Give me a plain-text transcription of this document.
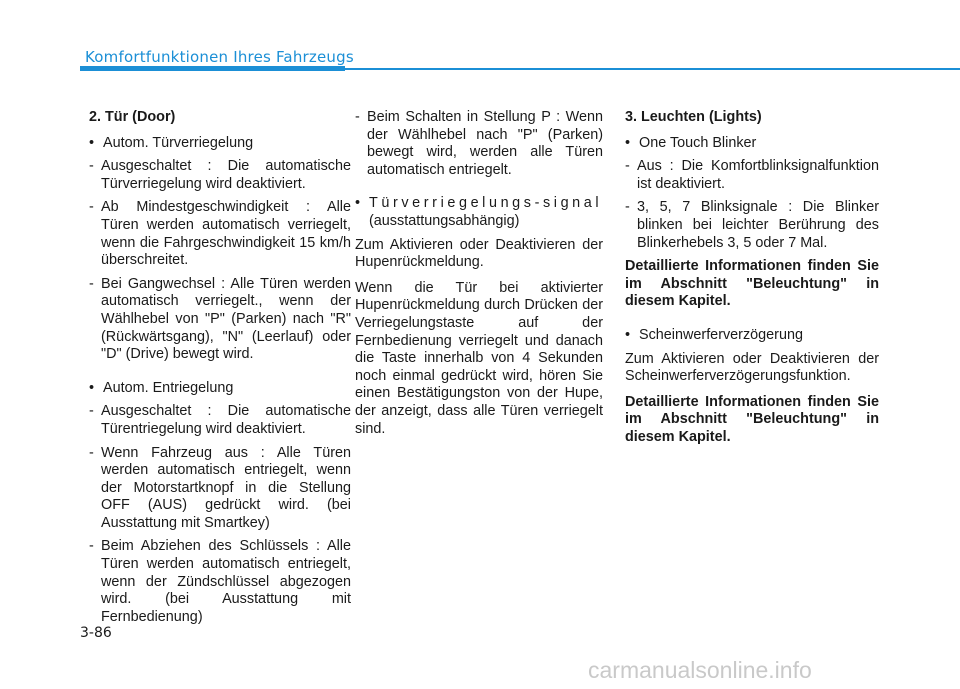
Komfortfunktionen Ihres Fahrzeugs

2. Tür (Door)

• Autom. Türverriegelung

- Ausgeschaltet : Die automatische Türverriegelung wird deaktiviert.

- Ab Mindestgeschwindigkeit : Alle Türen werden automatisch verriegelt, wenn die Fahrgeschwindigkeit 15 km/h überschreitet.

- Bei Gangwechsel : Alle Türen werden automatisch verriegelt., wenn der Wählhebel von "P" (Parken) nach "R" (Rückwärtsgang), "N" (Leerlauf) oder "D" (Drive) bewegt wird.

• Autom. Entriegelung

- Ausgeschaltet : Die automatische Türentriegelung wird deaktiviert.

- Wenn Fahrzeug aus : Alle Türen werden automatisch entriegelt, wenn der Motorstartknopf in die Stellung OFF (AUS) gedrückt wird. (bei Ausstattung mit Smartkey)

- Beim Abziehen des Schlüssels : Alle Türen werden automatisch entriegelt, wenn der Zündschlüssel abgezogen wird. (bei Ausstattung mit Fernbedienung)

- Beim Schalten in Stellung P : Wenn der Wählhebel nach "P" (Parken) bewegt wird, werden alle Türen automatisch entriegelt.

• Türverriegelungs-signal
(ausstattungsabhängig)

Zum Aktivieren oder Deaktivieren der Hupenrückmeldung.

Wenn die Tür bei aktivierter Hupenrückmeldung durch Drücken der Verriegelungstaste auf der Fernbedienung verriegelt und danach die Taste innerhalb von 4 Sekunden noch einmal gedrückt wird, hören Sie einen Bestätigungston von der Hupe, der anzeigt, dass alle Türen verriegelt sind.

3. Leuchten (Lights)

• One Touch Blinker

- Aus : Die Komfortblinksignalfunktion ist deaktiviert.

- 3, 5, 7 Blinksignale : Die Blinker blinken bei leichter Berührung des Blinkerhebels 3, 5 oder 7 Mal.

Detaillierte Informationen finden Sie im Abschnitt "Beleuchtung" in diesem Kapitel.

• Scheinwerferverzögerung

Zum Aktivieren oder Deaktivieren der Scheinwerferverzögerungsfunktion.

Detaillierte Informationen finden Sie im Abschnitt "Beleuchtung" in diesem Kapitel.

3-86
carmanualsonline.info
